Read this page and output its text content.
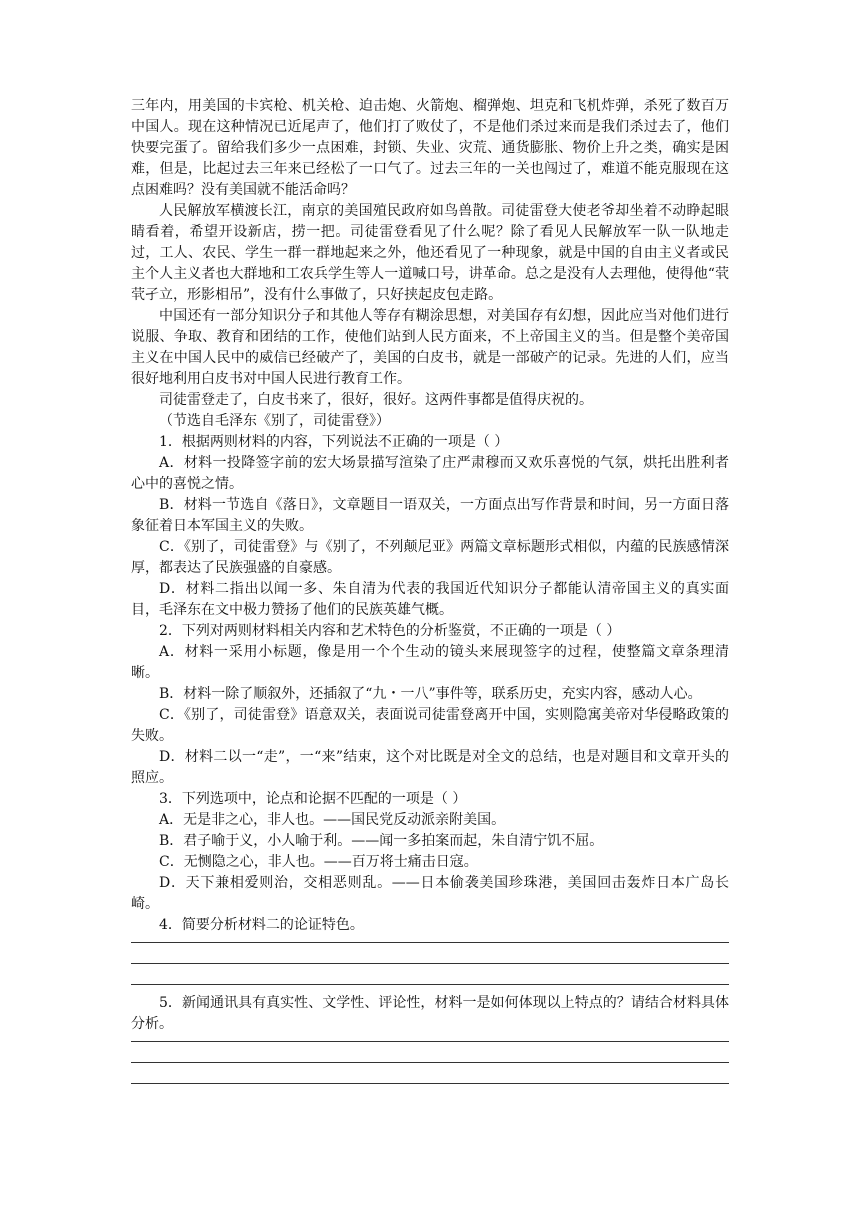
三年内，用美国的卡宾枪、机关枪、迫击炮、火箭炮、榴弹炮、坦克和飞机炸弹，杀死了数百万中国人。现在这种情况已近尾声了，他们打了败仗了，不是他们杀过来而是我们杀过去了，他们快要完蛋了。留给我们多少一点困难，封锁、失业、灾荒、通货膨胀、物价上升之类，确实是困难，但是，比起过去三年来已经松了一口气了。过去三年的一关也闯过了，难道不能克服现在这点困难吗？没有美国就不能活命吗？

人民解放军横渡长江，南京的美国殖民政府如鸟兽散。司徒雷登大使老爷却坐着不动睁起眼睛看着，希望开设新店，捞一把。司徒雷登看见了什么呢？除了看见人民解放军一队一队地走过，工人、农民、学生一群一群地起来之外，他还看见了一种现象，就是中国的自由主义者或民主个人主义者也大群地和工农兵学生等人一道喊口号，讲革命。总之是没有人去理他，使得他“茕茕孑立，形影相吊”，没有什么事做了，只好挟起皮包走路。

中国还有一部分知识分子和其他人等存有糊涂思想，对美国存有幻想，因此应当对他们进行说服、争取、教育和团结的工作，使他们站到人民方面来，不上帝国主义的当。但是整个美帝国主义在中国人民中的威信已经破产了，美国的白皮书，就是一部破产的记录。先进的人们，应当很好地利用白皮书对中国人民进行教育工作。

司徒雷登走了，白皮书来了，很好，很好。这两件事都是值得庆祝的。

（节选自毛泽东《别了，司徒雷登》）

1．根据两则材料的内容，下列说法不正确的一项是（ ）

A．材料一投降签字前的宏大场景描写渲染了庄严肃穆而又欢乐喜悦的气氛，烘托出胜利者心中的喜悦之情。

B．材料一节选自《落日》，文章题目一语双关，一方面点出写作背景和时间，另一方面日落象征着日本军国主义的失败。

C．《别了，司徒雷登》与《别了，不列颠尼亚》两篇文章标题形式相似，内蕴的民族感情深厚，都表达了民族强盛的自豪感。

D．材料二指出以闻一多、朱自清为代表的我国近代知识分子都能认清帝国主义的真实面目，毛泽东在文中极力赞扬了他们的民族英雄气概。

2．下列对两则材料相关内容和艺术特色的分析鉴赏，不正确的一项是（ ）

A．材料一采用小标题，像是用一个个生动的镜头来展现签字的过程，使整篇文章条理清晰。

B．材料一除了顺叙外，还插叙了“九・一八”事件等，联系历史，充实内容，感动人心。

C．《别了，司徒雷登》语意双关，表面说司徒雷登离开中国，实则隐寓美帝对华侵略政策的失败。

D．材料二以一“走”，一“来”结束，这个对比既是对全文的总结，也是对题目和文章开头的照应。

3．下列选项中，论点和论据不匹配的一项是（ ）

A．无是非之心，非人也。——国民党反动派亲附美国。

B．君子喻于义，小人喻于利。——闻一多拍案而起，朱自清宁饥不屈。

C．无恻隐之心，非人也。——百万将士痛击日寇。

D．天下兼相爱则治，交相恶则乱。——日本偷袭美国珍珠港，美国回击轰炸日本广岛长崎。

4．简要分析材料二的论证特色。

5．新闻通讯具有真实性、文学性、评论性，材料一是如何体现以上特点的？请结合材料具体分析。
